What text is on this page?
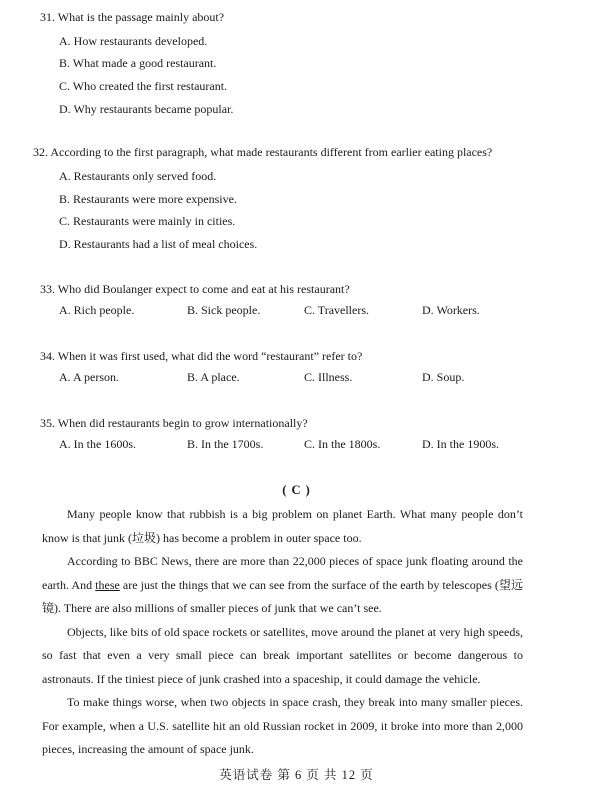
31. What is the passage mainly about?
A. How restaurants developed.
B. What made a good restaurant.
C. Who created the first restaurant.
D. Why restaurants became popular.
32. According to the first paragraph, what made restaurants different from earlier eating places?
A. Restaurants only served food.
B. Restaurants were more expensive.
C. Restaurants were mainly in cities.
D. Restaurants had a list of meal choices.
33. Who did Boulanger expect to come and eat at his restaurant?
A. Rich people.	B. Sick people.	C. Travellers.	D. Workers.
34. When it was first used, what did the word “restaurant” refer to?
A. A person.	B. A place.	C. Illness.	D. Soup.
35. When did restaurants begin to grow internationally?
A. In the 1600s.	B. In the 1700s.	C. In the 1800s.	D. In the 1900s.
( C )

Many people know that rubbish is a big problem on planet Earth. What many people don’t know is that junk (垃圾) has become a problem in outer space too.

According to BBC News, there are more than 22,000 pieces of space junk floating around the earth. And these are just the things that we can see from the surface of the earth by telescopes (望远镜). There are also millions of smaller pieces of junk that we can’t see.

Objects, like bits of old space rockets or satellites, move around the planet at very high speeds, so fast that even a very small piece can break important satellites or become dangerous to astronauts. If the tiniest piece of junk crashed into a spaceship, it could damage the vehicle.

To make things worse, when two objects in space crash, they break into many smaller pieces. For example, when a U.S. satellite hit an old Russian rocket in 2009, it broke into more than 2,000 pieces, increasing the amount of space junk.

英语试卷 第 6 页 共 12 页
